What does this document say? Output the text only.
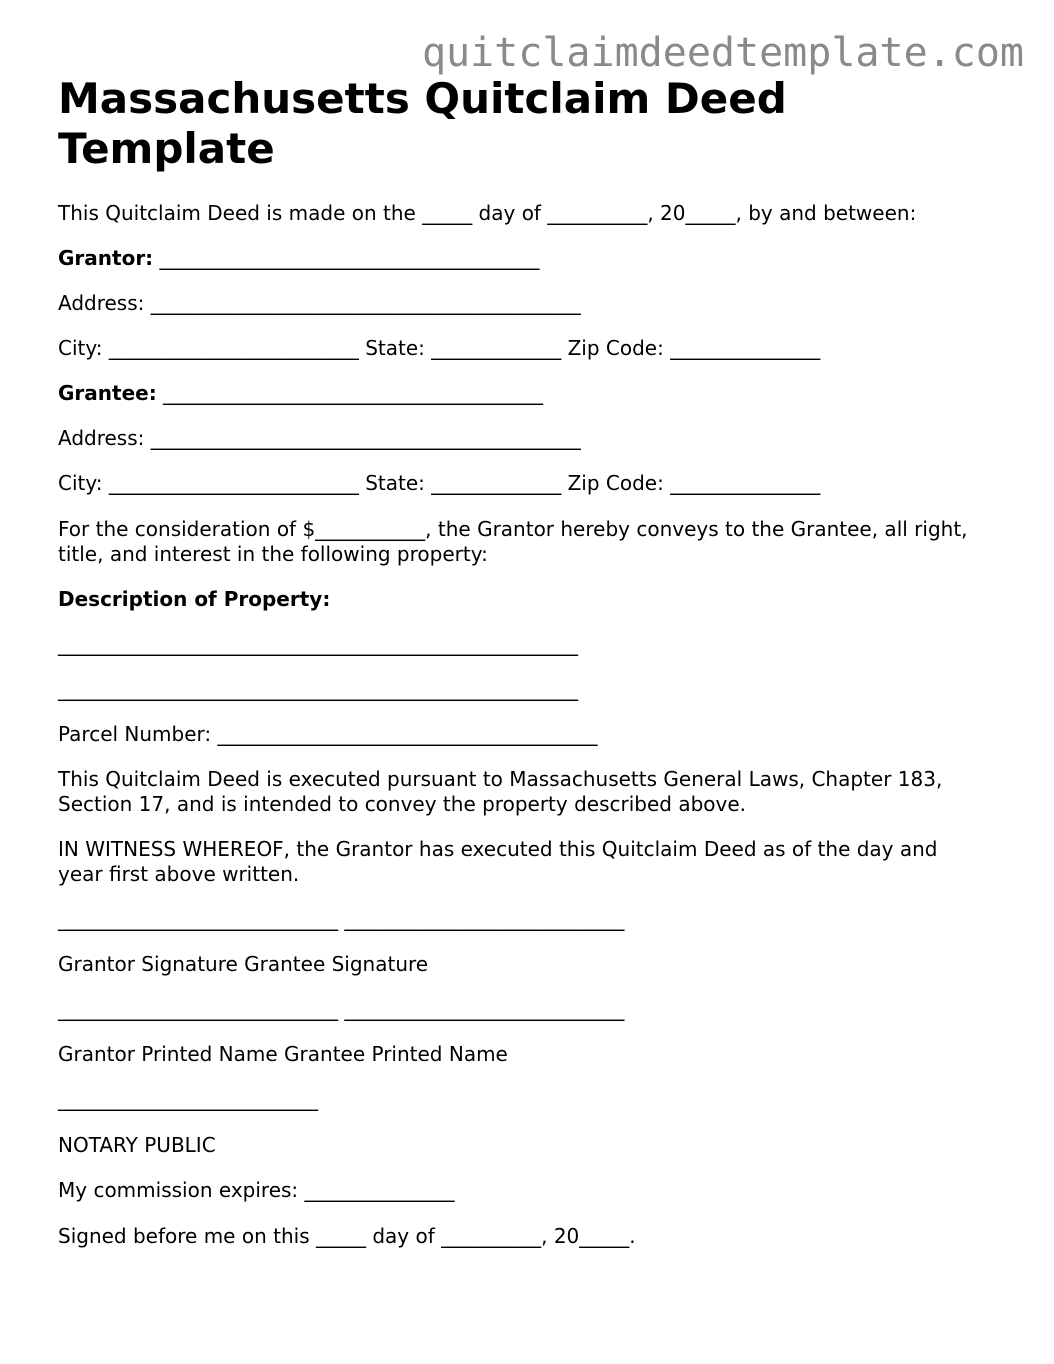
quitclaimdeedtemplate.com
Massachusetts Quitclaim Deed Template

This Quitclaim Deed is made on the _____ day of __________, 20_____, by and between:

Grantor: ______________________________________

Address: ___________________________________________

City: _________________________ State: _____________ Zip Code: _______________

Grantee: ______________________________________

Address: ___________________________________________

City: _________________________ State: _____________ Zip Code: _______________

For the consideration of $___________, the Grantor hereby conveys to the Grantee, all right, title, and interest in the following property:

Description of Property:

____________________________________________________

____________________________________________________

Parcel Number: ______________________________________

This Quitclaim Deed is executed pursuant to Massachusetts General Laws, Chapter 183, Section 17, and is intended to convey the property described above.

IN WITNESS WHEREOF, the Grantor has executed this Quitclaim Deed as of the day and year first above written.

____________________________ ____________________________

Grantor Signature Grantee Signature

____________________________ ____________________________

Grantor Printed Name Grantee Printed Name

__________________________

NOTARY PUBLIC

My commission expires: _______________

Signed before me on this _____ day of __________, 20_____.
